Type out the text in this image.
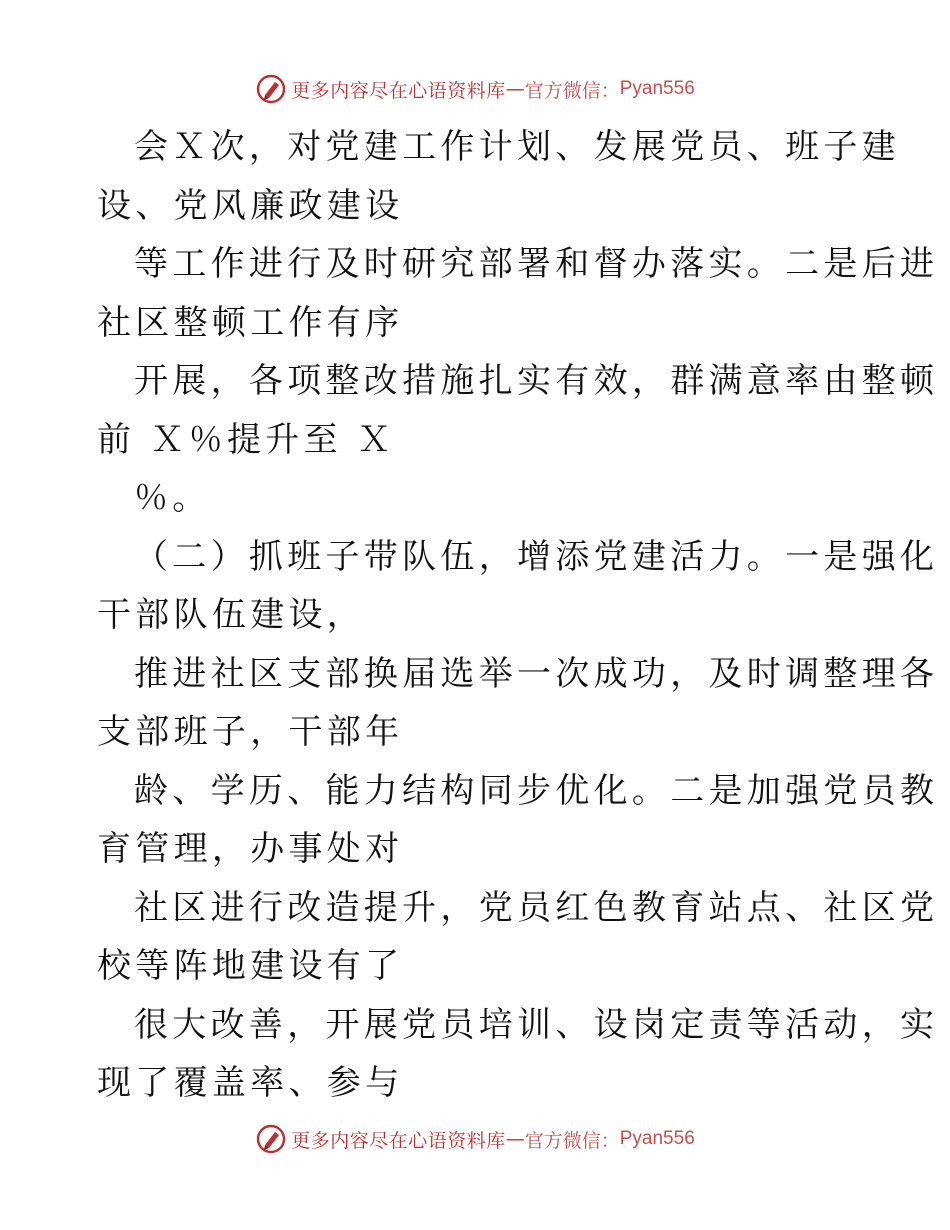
更多内容尽在心语资料库 — 官方微信： Pyan556
会Ｘ次，对党建工作计划、发展党员、班子建
设、党风廉政建设
等工作进行及时研究部署和督办落实。二是后进
社区整顿工作有序
开展，各项整改措施扎实有效，群满意率由整顿
前 Ｘ％提升至 Ｘ
％。
（二）抓班子带队伍，增添党建活力。一是强化
干部队伍建设，
推进社区支部换届选举一次成功，及时调整理各
支部班子，干部年
龄、学历、能力结构同步优化。二是加强党员教
育管理，办事处对
社区进行改造提升，党员红色教育站点、社区党
校等阵地建设有了
很大改善，开展党员培训、设岗定责等活动，实
现了覆盖率、参与
更多内容尽在心语资料库 — 官方微信： Pyan556
